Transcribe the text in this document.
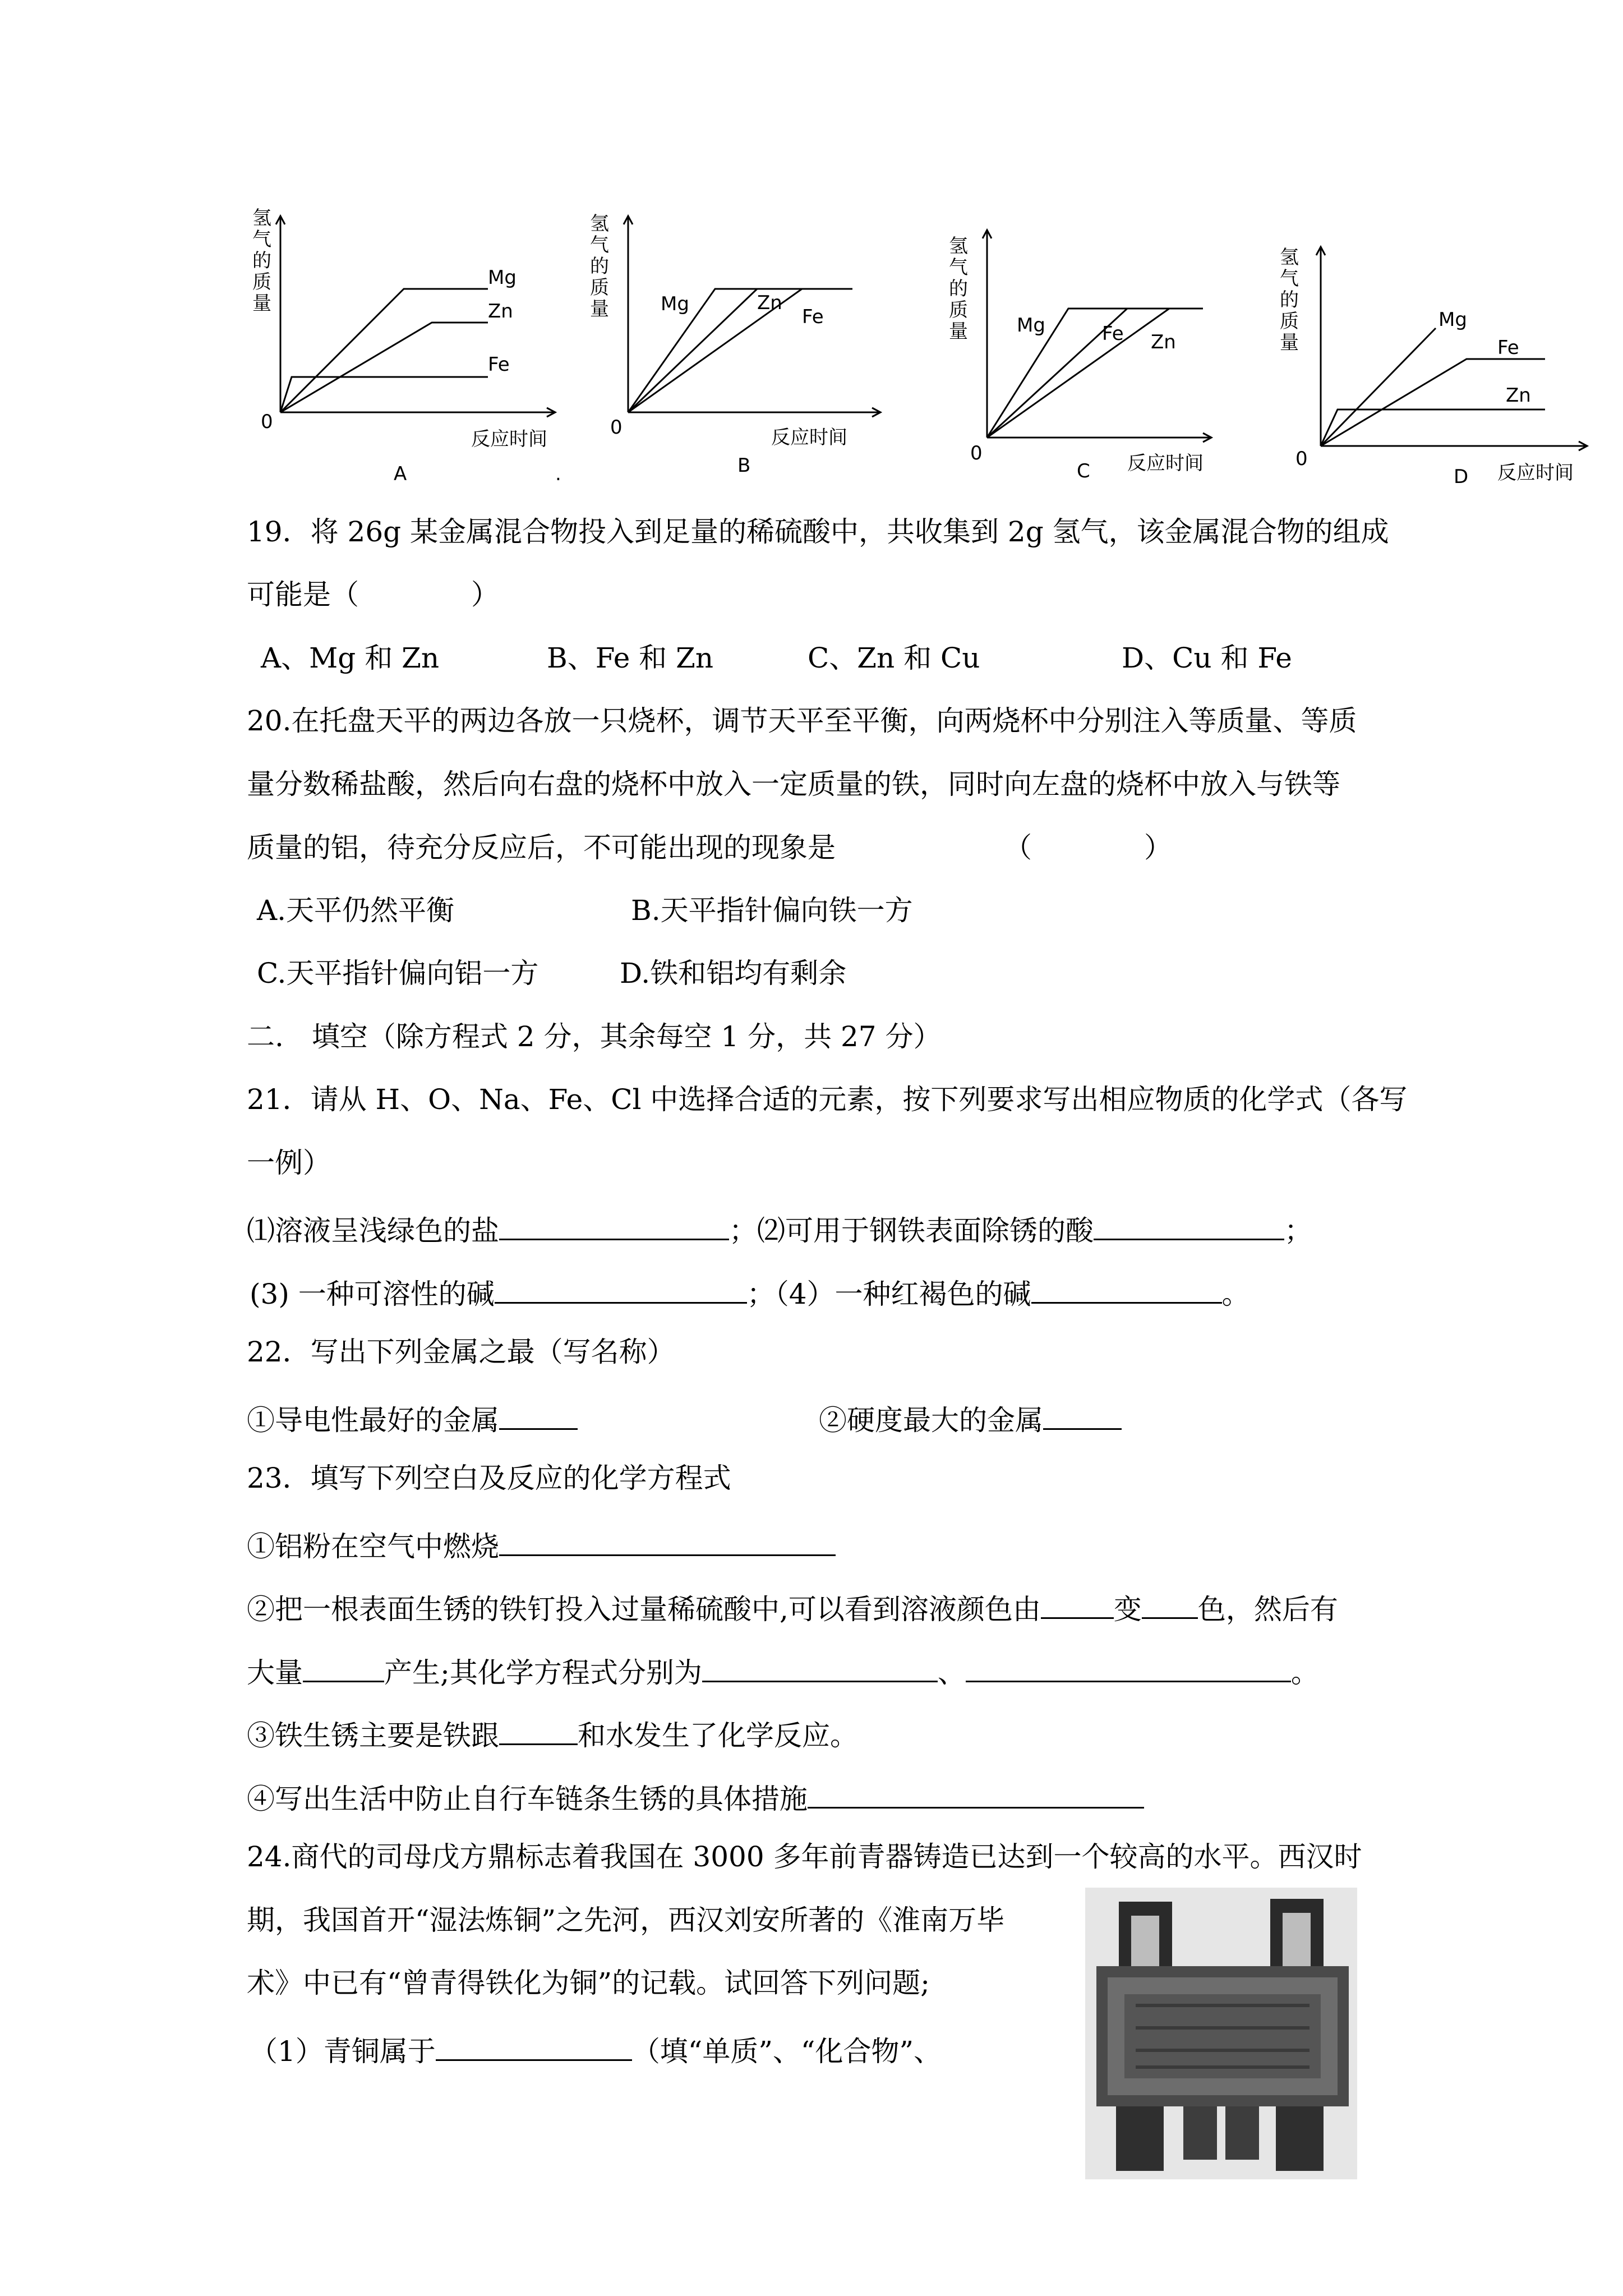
氢气的质量
Mg
Zn
Fe
0
反应时间
A	.
氢气的质量	Mg	Zn
Fe
0	反应时间
B
氢气的质量	Mg	Fe Zn
0	反应时间
C
氢气的质量
Mg
Fe
Zn
0
反应时间
D
19．将 26g 某金属混合物投入到足量的稀硫酸中，共收集到 2g 氢气，该金属混合物的组成
可能是（　　　　）
A、Mg 和 Zn	B、Fe 和 Zn	C、Zn 和 Cu	D、Cu 和 Fe
20.在托盘天平的两边各放一只烧杯，调节天平至平衡，向两烧杯中分别注入等质量、等质
量分数稀盐酸，然后向右盘的烧杯中放入一定质量的铁，同时向左盘的烧杯中放入与铁等
质量的铝，待充分反应后，不可能出现的现象是	（　　　　）
A.天平仍然平衡	B.天平指针偏向铁一方
C.天平指针偏向铝一方	D.铁和铝均有剩余
二.　填空（除方程式 2 分，其余每空 1 分，共 27 分）
21．请从 H、O、Na、Fe、Cl 中选择合适的元素，按下列要求写出相应物质的化学式（各写
一例）
⑴溶液呈浅绿色的盐	；⑵可用于钢铁表面除锈的酸	；
(3) 一种可溶性的碱	；（4）一种红褐色的碱	。
22．写出下列金属之最（写名称）
①导电性最好的金属	②硬度最大的金属
23．填写下列空白及反应的化学方程式
①铝粉在空气中燃烧
②把一根表面生锈的铁钉投入过量稀硫酸中,可以看到溶液颜色由	变 色，然后有
大量	产生;其化学方程式分别为	、	。
③铁生锈主要是铁跟	和水发生了化学反应。
④写出生活中防止自行车链条生锈的具体措施
24.商代的司母戊方鼎标志着我国在 3000 多年前青器铸造已达到一个较高的水平。西汉时
期，我国首开“湿法炼铜”之先河，西汉刘安所著的《淮南万毕
术》中已有“曾青得铁化为铜”的记载。试回答下列问题;
（1）青铜属于	（填“单质”、“化合物”、
